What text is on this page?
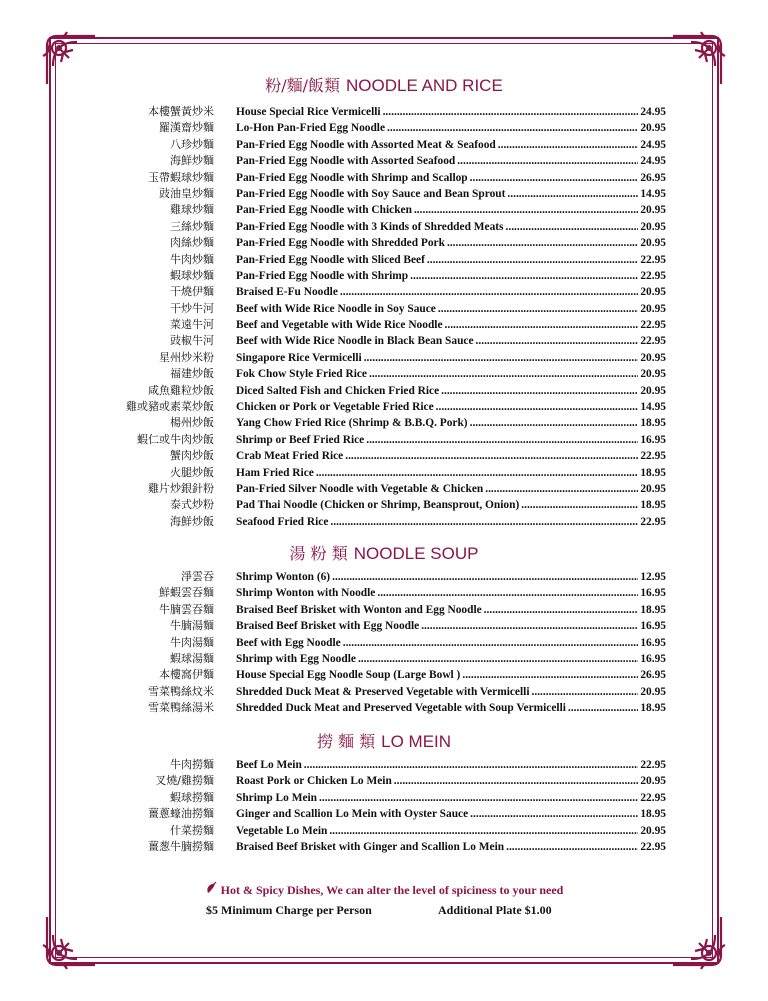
粉/麵/飯類 NOODLE AND RICE
本樓蟹黃炒米 House Special Rice Vermicelli .....	24.95
羅漢齋炒麵 Lo-Hon Pan-Fried Egg Noodle .....	20.95
八珍炒麵 Pan-Fried Egg Noodle with Assorted Meat & Seafood .....	24.95
海鮮炒麵 Pan-Fried Egg Noodle with Assorted Seafood .....	24.95
玉帶蝦球炒麵 Pan-Fried Egg Noodle with Shrimp and Scallop .....	26.95
豉油皇炒麵 Pan-Fried Egg Noodle with Soy Sauce and Bean Sprout .....	14.95
雞球炒麵 Pan-Fried Egg Noodle with Chicken .....	20.95
三絲炒麵 Pan-Fried Egg Noodle with 3 Kinds of Shredded Meats .....	20.95
肉絲炒麵 Pan-Fried Egg Noodle with Shredded Pork .....	20.95
牛肉炒麵 Pan-Fried Egg Noodle with Sliced Beef .....	22.95
蝦球炒麵 Pan-Fried Egg Noodle with Shrimp .....	22.95
干燒伊麵 Braised E-Fu Noodle .....	20.95
干炒牛河 Beef with Wide Rice Noodle in Soy Sauce .....	20.95
菜遠牛河 Beef and Vegetable with Wide Rice Noodle .....	22.95
豉椒牛河 Beef with Wide Rice Noodle in Black Bean Sauce .....	22.95
星州炒米粉 Singapore Rice Vermicelli .....	20.95
福建炒飯 Fok Chow Style Fried Rice .....	20.95
咸魚雞粒炒飯 Diced Salted Fish and Chicken Fried Rice .....	20.95
雞或豬或素菜炒飯 Chicken or Pork or Vegetable Fried Rice .....	14.95
楊州炒飯 Yang Chow Fried Rice (Shrimp & B.B.Q. Pork) .....	18.95
蝦仁或牛肉炒飯 Shrimp or Beef Fried Rice .....	16.95
蟹肉炒飯 Crab Meat Fried Rice .....	22.95
火腿炒飯 Ham Fried Rice .....	18.95
雞片炒銀針粉 Pan-Fried Silver Noodle with Vegetable & Chicken .....	20.95
泰式炒粉 Pad Thai Noodle (Chicken or Shrimp, Beansprout, Onion) .....	18.95
海鮮炒飯 Seafood Fried Rice .....	22.95
湯 粉 類 NOODLE SOUP
淨雲吞 Shrimp Wonton (6) .....	12.95
鮮蝦雲吞麵 Shrimp Wonton with Noodle .....	16.95
牛腩雲吞麵 Braised Beef Brisket with Wonton and Egg Noodle .....	18.95
牛腩湯麵 Braised Beef Brisket with Egg Noodle .....	16.95
牛肉湯麵 Beef with Egg Noodle .....	16.95
蝦球湯麵 Shrimp with Egg Noodle .....	16.95
本樓窩伊麵 House Special Egg Noodle Soup (Large Bowl ) .....	26.95
雪菜鴨絲炆米 Shredded Duck Meat & Preserved Vegetable with Vermicelli .....	20.95
雪菜鴨絲湯米 Shredded Duck Meat and Preserved Vegetable with Soup Vermicelli .....	18.95
撈 麵 類 LO MEIN
牛肉撈麵 Beef Lo Mein .....	22.95
叉燒/雞撈麵 Roast Pork or Chicken Lo Mein .....	20.95
蝦球撈麵 Shrimp Lo Mein .....	22.95
薑蔥蠔油撈麵 Ginger and Scallion Lo Mein with Oyster Sauce .....	18.95
什菜撈麵 Vegetable Lo Mein .....	20.95
薑葱牛腩撈麵 Braised Beef Brisket with Ginger and Scallion Lo Mein .....	22.95
Hot & Spicy Dishes, We can alter the level of spiciness to your need
$5 Minimum Charge per Person	Additional Plate $1.00
